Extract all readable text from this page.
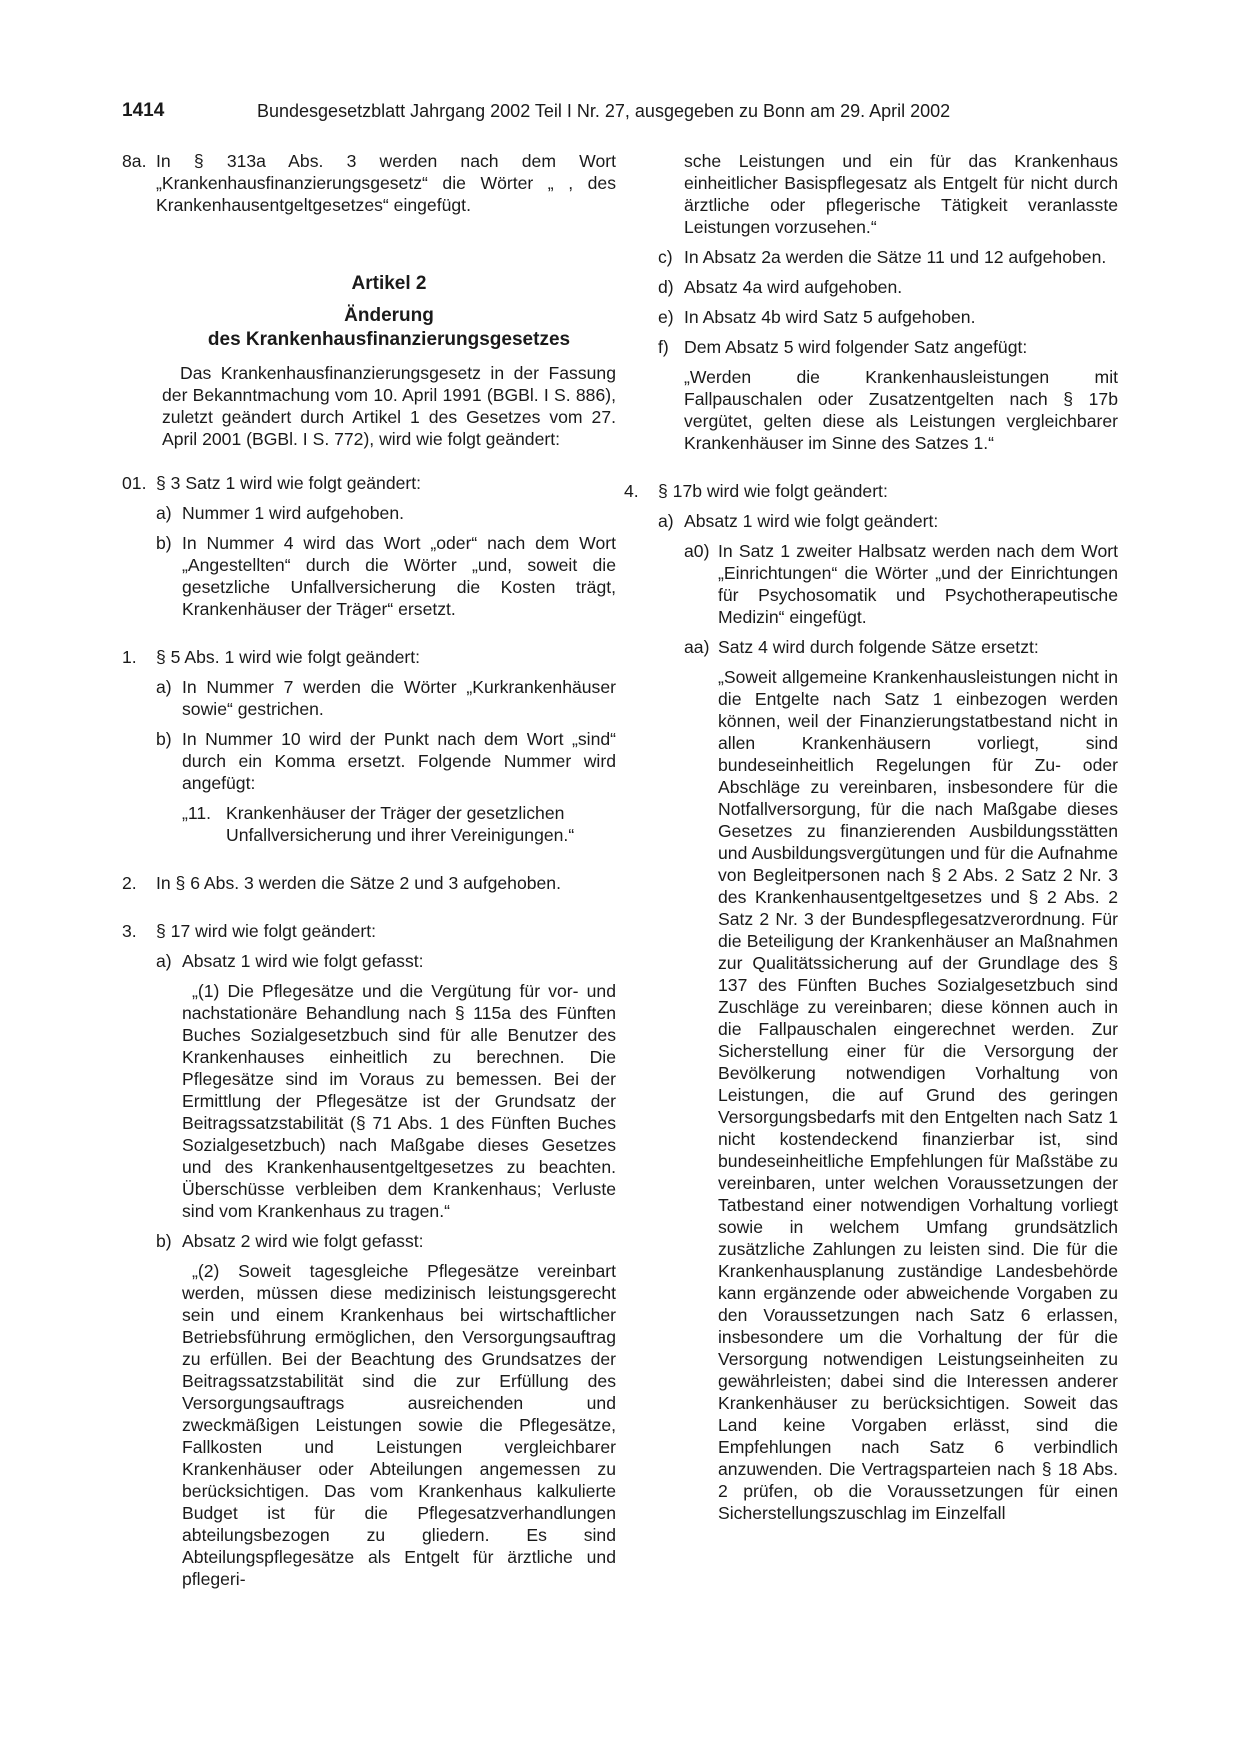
1414	Bundesgesetzblatt Jahrgang 2002 Teil I Nr. 27, ausgegeben zu Bonn am 29. April 2002
8a. In § 313a Abs. 3 werden nach dem Wort „Krankenhausfinanzierungsgesetz“ die Wörter „ , des Krankenhausentgeltgesetzes“ eingefügt.
Artikel 2
Änderung
des Krankenhausfinanzierungsgesetzes
Das Krankenhausfinanzierungsgesetz in der Fassung der Bekanntmachung vom 10. April 1991 (BGBl. I S. 886), zuletzt geändert durch Artikel 1 des Gesetzes vom 27. April 2001 (BGBl. I S. 772), wird wie folgt geändert:
01. § 3 Satz 1 wird wie folgt geändert:
a) Nummer 1 wird aufgehoben.
b) In Nummer 4 wird das Wort „oder“ nach dem Wort „Angestellten“ durch die Wörter „und, soweit die gesetzliche Unfallversicherung die Kosten trägt, Krankenhäuser der Träger“ ersetzt.
1. § 5 Abs. 1 wird wie folgt geändert:
a) In Nummer 7 werden die Wörter „Kurkrankenhäuser sowie“ gestrichen.
b) In Nummer 10 wird der Punkt nach dem Wort „sind“ durch ein Komma ersetzt. Folgende Nummer wird angefügt:
„11. Krankenhäuser der Träger der gesetzlichen Unfallversicherung und ihrer Vereinigungen.“
2. In § 6 Abs. 3 werden die Sätze 2 und 3 aufgehoben.
3. § 17 wird wie folgt geändert:
a) Absatz 1 wird wie folgt gefasst:
„(1) Die Pflegesätze und die Vergütung für vor- und nachstationäre Behandlung nach § 115a des Fünften Buches Sozialgesetzbuch sind für alle Benutzer des Krankenhauses einheitlich zu berechnen. Die Pflegesätze sind im Voraus zu bemessen. Bei der Ermittlung der Pflegesätze ist der Grundsatz der Beitragssatzstabilität (§ 71 Abs. 1 des Fünften Buches Sozialgesetzbuch) nach Maßgabe dieses Gesetzes und des Krankenhausentgeltgesetzes zu beachten. Überschüsse verbleiben dem Krankenhaus; Verluste sind vom Krankenhaus zu tragen.“
b) Absatz 2 wird wie folgt gefasst:
„(2) Soweit tagesgleiche Pflegesätze vereinbart werden, müssen diese medizinisch leistungsgerecht sein und einem Krankenhaus bei wirtschaftlicher Betriebsführung ermöglichen, den Versorgungsauftrag zu erfüllen. Bei der Beachtung des Grundsatzes der Beitragssatzstabilität sind die zur Erfüllung des Versorgungsauftrags ausreichenden und zweckmäßigen Leistungen sowie die Pflegesätze, Fallkosten und Leistungen vergleichbarer Krankenhäuser oder Abteilungen angemessen zu berücksichtigen. Das vom Krankenhaus kalkulierte Budget ist für die Pflegesatzverhandlungen abteilungsbezogen zu gliedern. Es sind Abteilungspflegesätze als Entgelt für ärztliche und pflegeri-
sche Leistungen und ein für das Krankenhaus einheitlicher Basispflegesatz als Entgelt für nicht durch ärztliche oder pflegerische Tätigkeit veranlasste Leistungen vorzusehen.“
c) In Absatz 2a werden die Sätze 11 und 12 aufgehoben.
d) Absatz 4a wird aufgehoben.
e) In Absatz 4b wird Satz 5 aufgehoben.
f) Dem Absatz 5 wird folgender Satz angefügt:
„Werden die Krankenhausleistungen mit Fallpauschalen oder Zusatzentgelten nach § 17b vergütet, gelten diese als Leistungen vergleichbarer Krankenhäuser im Sinne des Satzes 1.“
4. § 17b wird wie folgt geändert:
a) Absatz 1 wird wie folgt geändert:
a0) In Satz 1 zweiter Halbsatz werden nach dem Wort „Einrichtungen“ die Wörter „und der Einrichtungen für Psychosomatik und Psychotherapeutische Medizin“ eingefügt.
aa) Satz 4 wird durch folgende Sätze ersetzt:
„Soweit allgemeine Krankenhausleistungen nicht in die Entgelte nach Satz 1 einbezogen werden können, weil der Finanzierungstatbestand nicht in allen Krankenhäusern vorliegt, sind bundeseinheitlich Regelungen für Zu- oder Abschläge zu vereinbaren, insbesondere für die Notfallversorgung, für die nach Maßgabe dieses Gesetzes zu finanzierenden Ausbildungsstätten und Ausbildungsvergütungen und für die Aufnahme von Begleitpersonen nach § 2 Abs. 2 Satz 2 Nr. 3 des Krankenhausentgeltgesetzes und § 2 Abs. 2 Satz 2 Nr. 3 der Bundespflegesatzverordnung. Für die Beteiligung der Krankenhäuser an Maßnahmen zur Qualitätssicherung auf der Grundlage des § 137 des Fünften Buches Sozialgesetzbuch sind Zuschläge zu vereinbaren; diese können auch in die Fallpauschalen eingerechnet werden. Zur Sicherstellung einer für die Versorgung der Bevölkerung notwendigen Vorhaltung von Leistungen, die auf Grund des geringen Versorgungsbedarfs mit den Entgelten nach Satz 1 nicht kostendeckend finanzierbar ist, sind bundeseinheitliche Empfehlungen für Maßstäbe zu vereinbaren, unter welchen Voraussetzungen der Tatbestand einer notwendigen Vorhaltung vorliegt sowie in welchem Umfang grundsätzlich zusätzliche Zahlungen zu leisten sind. Die für die Krankenhausplanung zuständige Landesbehörde kann ergänzende oder abweichende Vorgaben zu den Voraussetzungen nach Satz 6 erlassen, insbesondere um die Vorhaltung der für die Versorgung notwendigen Leistungseinheiten zu gewährleisten; dabei sind die Interessen anderer Krankenhäuser zu berücksichtigen. Soweit das Land keine Vorgaben erlässt, sind die Empfehlungen nach Satz 6 verbindlich anzuwenden. Die Vertragsparteien nach § 18 Abs. 2 prüfen, ob die Voraussetzungen für einen Sicherstellungszuschlag im Einzelfall
